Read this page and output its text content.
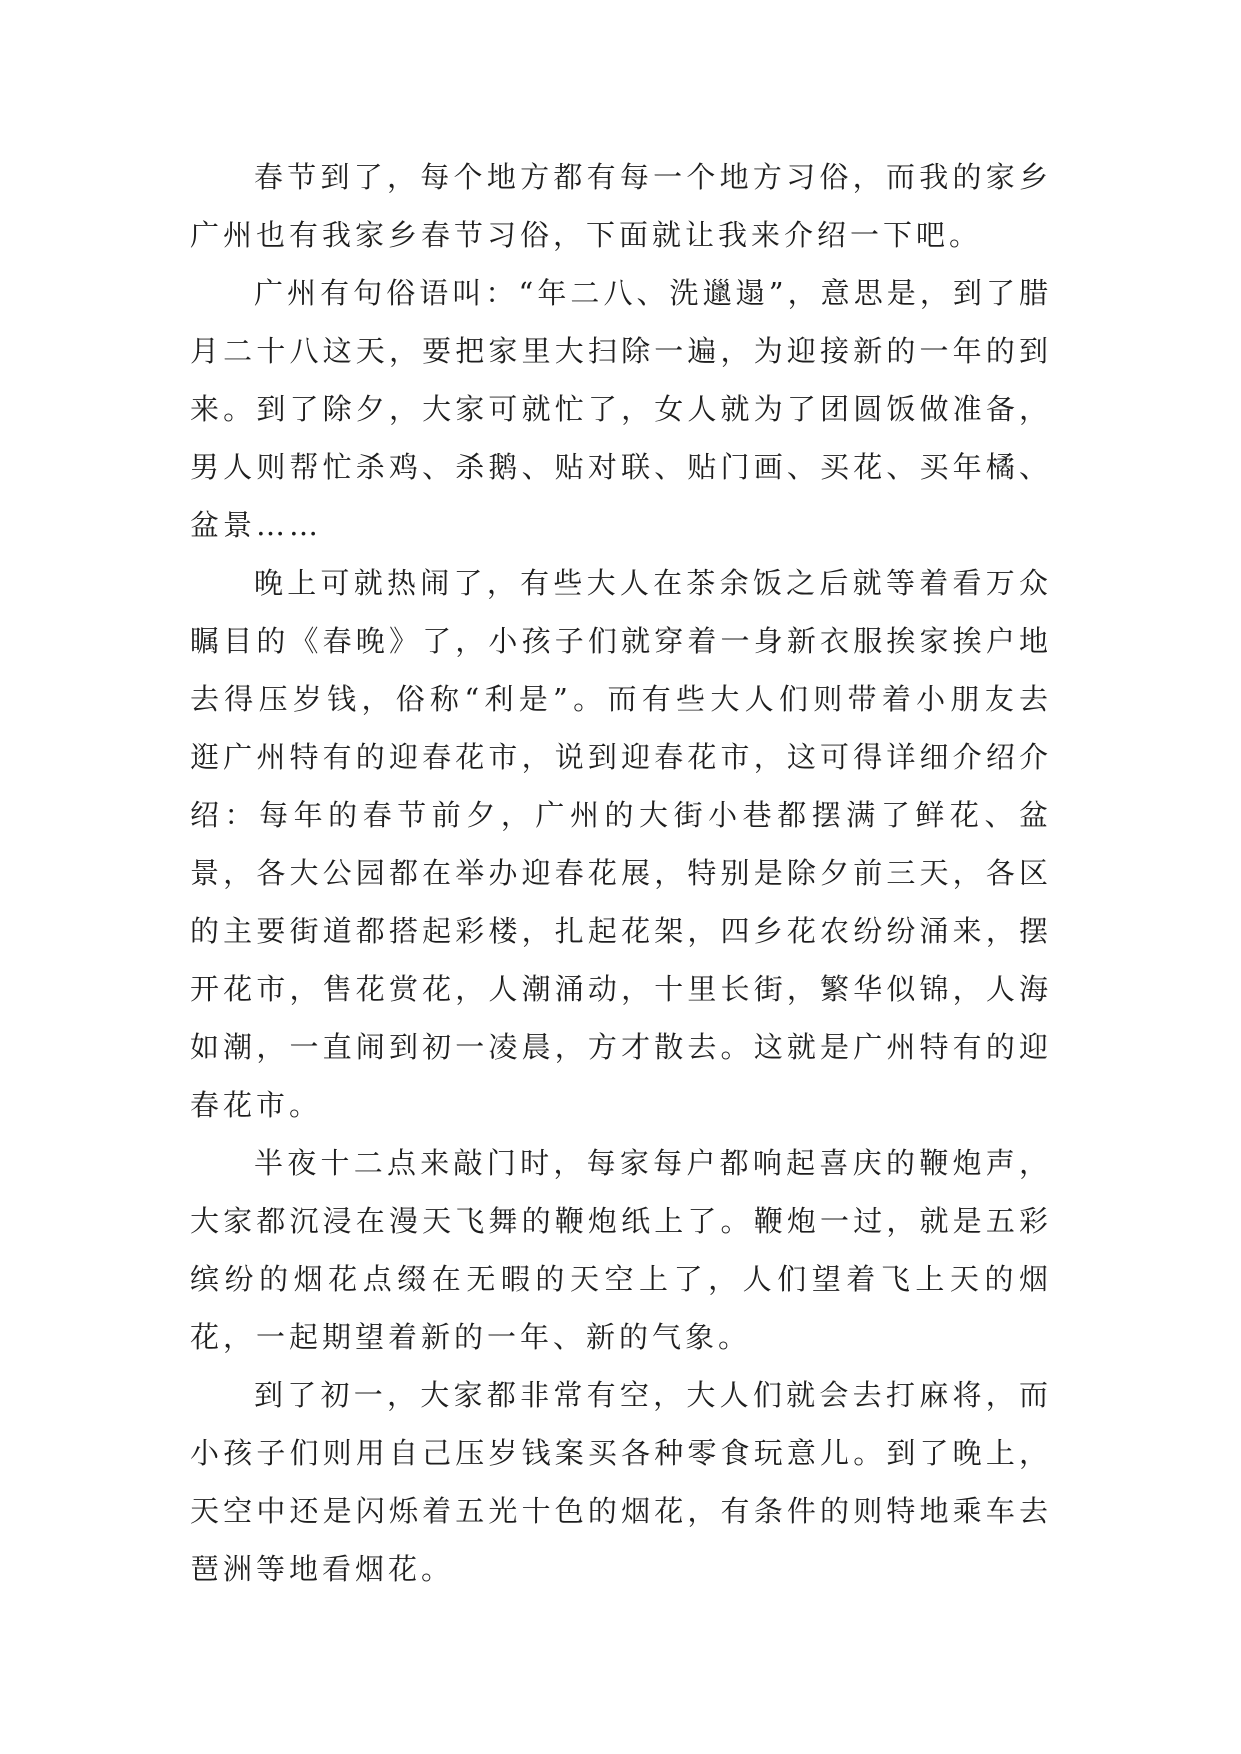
春节到了，每个地方都有每一个地方习俗，而我的家乡广州也有我家乡春节习俗，下面就让我来介绍一下吧。

广州有句俗语叫：“年二八、洗邋遢”，意思是，到了腊月二十八这天，要把家里大扫除一遍，为迎接新的一年的到来。到了除夕，大家可就忙了，女人就为了团圆饭做准备，男人则帮忙杀鸡、杀鹅、贴对联、贴门画、买花、买年橘、盆景……

晚上可就热闹了，有些大人在茶余饭之后就等着看万众瞩目的《春晚》了，小孩子们就穿着一身新衣服挨家挨户地去得压岁钱，俗称“利是”。而有些大人们则带着小朋友去逛广州特有的迎春花市，说到迎春花市，这可得详细介绍介绍：每年的春节前夕，广州的大街小巷都摆满了鲜花、盆景，各大公园都在举办迎春花展，特别是除夕前三天，各区的主要街道都搭起彩楼，扎起花架，四乡花农纷纷涌来，摆开花市，售花赏花，人潮涌动，十里长街，繁华似锦，人海如潮，一直闹到初一凌晨，方才散去。这就是广州特有的迎春花市。

半夜十二点来敲门时，每家每户都响起喜庆的鞭炮声，大家都沉浸在漫天飞舞的鞭炮纸上了。鞭炮一过，就是五彩缤纷的烟花点缀在无暇的天空上了，人们望着飞上天的烟花，一起期望着新的一年、新的气象。

到了初一，大家都非常有空，大人们就会去打麻将，而小孩子们则用自己压岁钱案买各种零食玩意儿。到了晚上，天空中还是闪烁着五光十色的烟花，有条件的则特地乘车去琶洲等地看烟花。
